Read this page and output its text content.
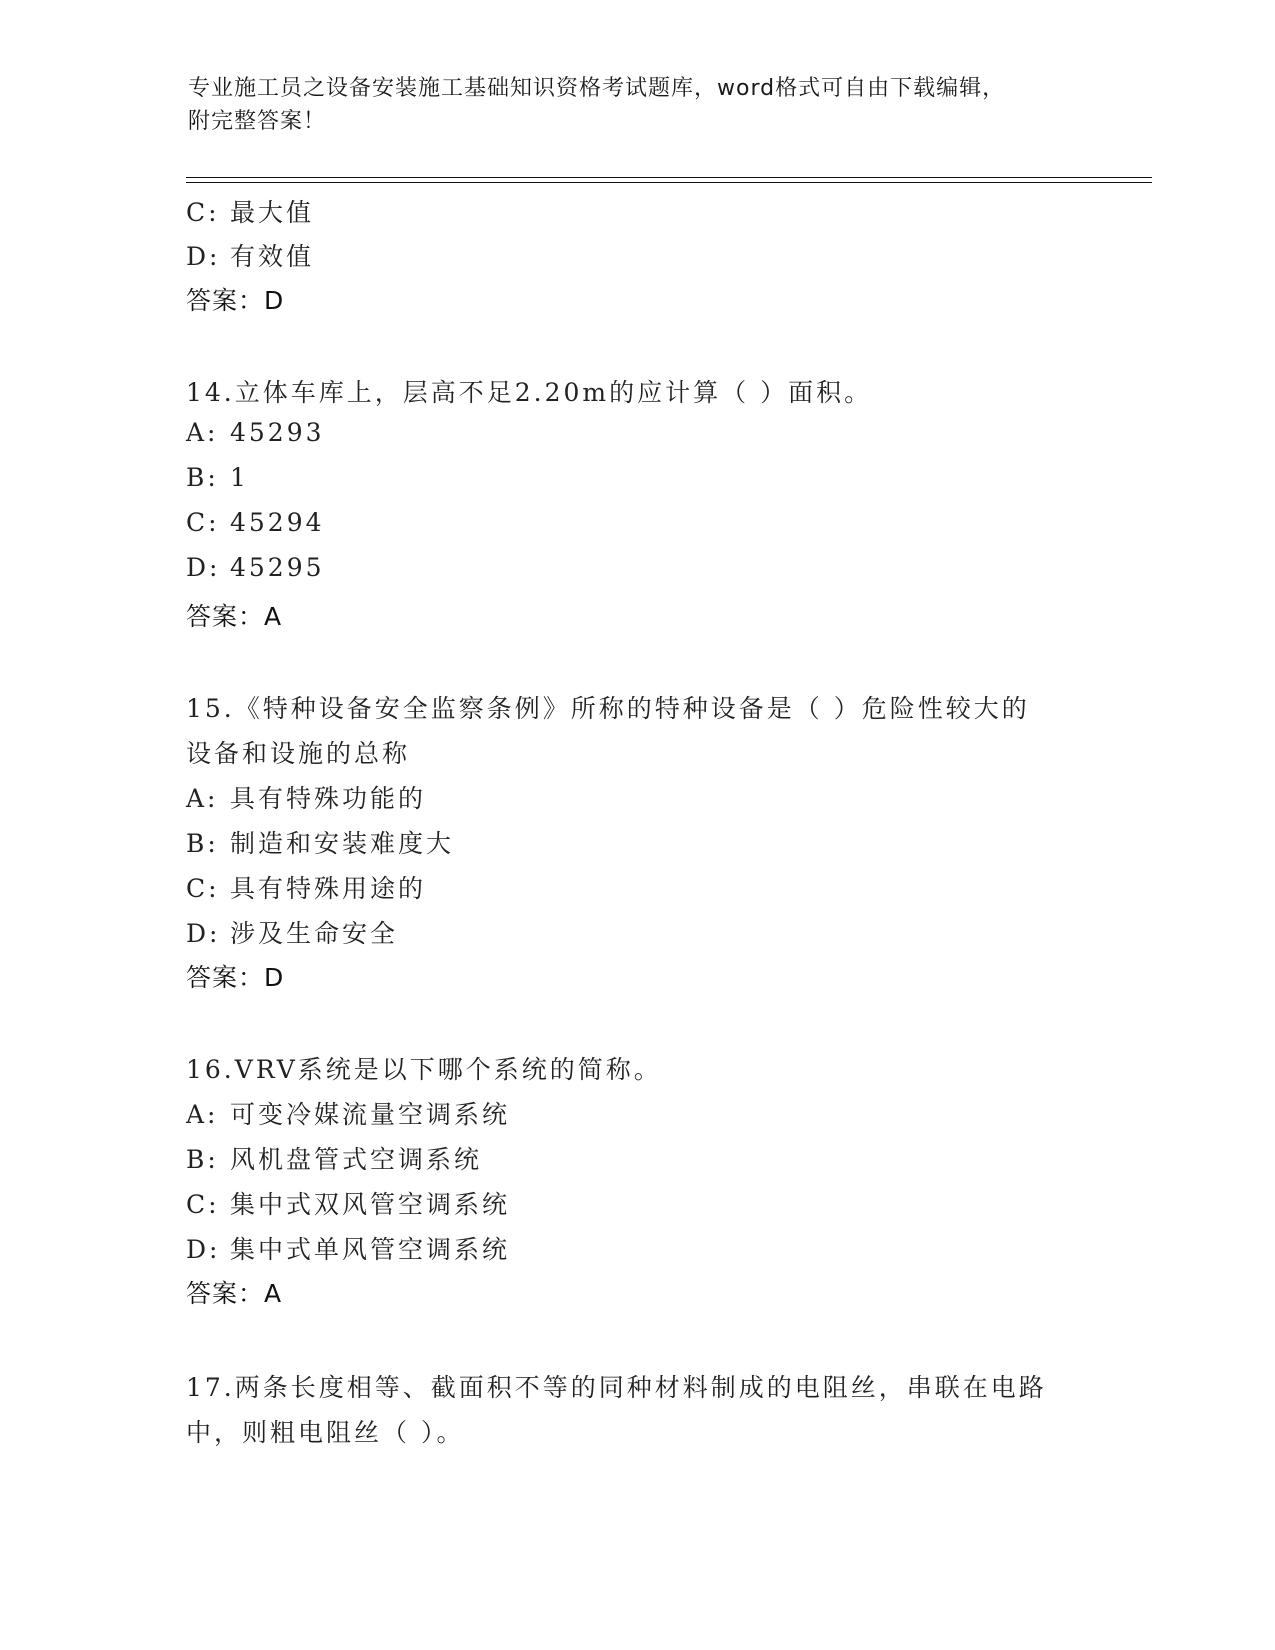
专业施工员之设备安装施工基础知识资格考试题库，word格式可自由下载编辑，
附完整答案！
C: 最大值
D: 有效值
答案：D
14.立体车库上，层高不足2.20m的应计算（ ）面积。
A: 45293
B: 1
C: 45294
D: 45295
答案：A
15.《特种设备安全监察条例》所称的特种设备是（ ）危险性较大的
设备和设施的总称
A: 具有特殊功能的
B: 制造和安装难度大
C: 具有特殊用途的
D: 涉及生命安全
答案：D
16.VRV系统是以下哪个系统的简称。
A: 可变冷媒流量空调系统
B: 风机盘管式空调系统
C: 集中式双风管空调系统
D: 集中式单风管空调系统
答案：A
17.两条长度相等、截面积不等的同种材料制成的电阻丝，串联在电路
中，则粗电阻丝（ ）。
